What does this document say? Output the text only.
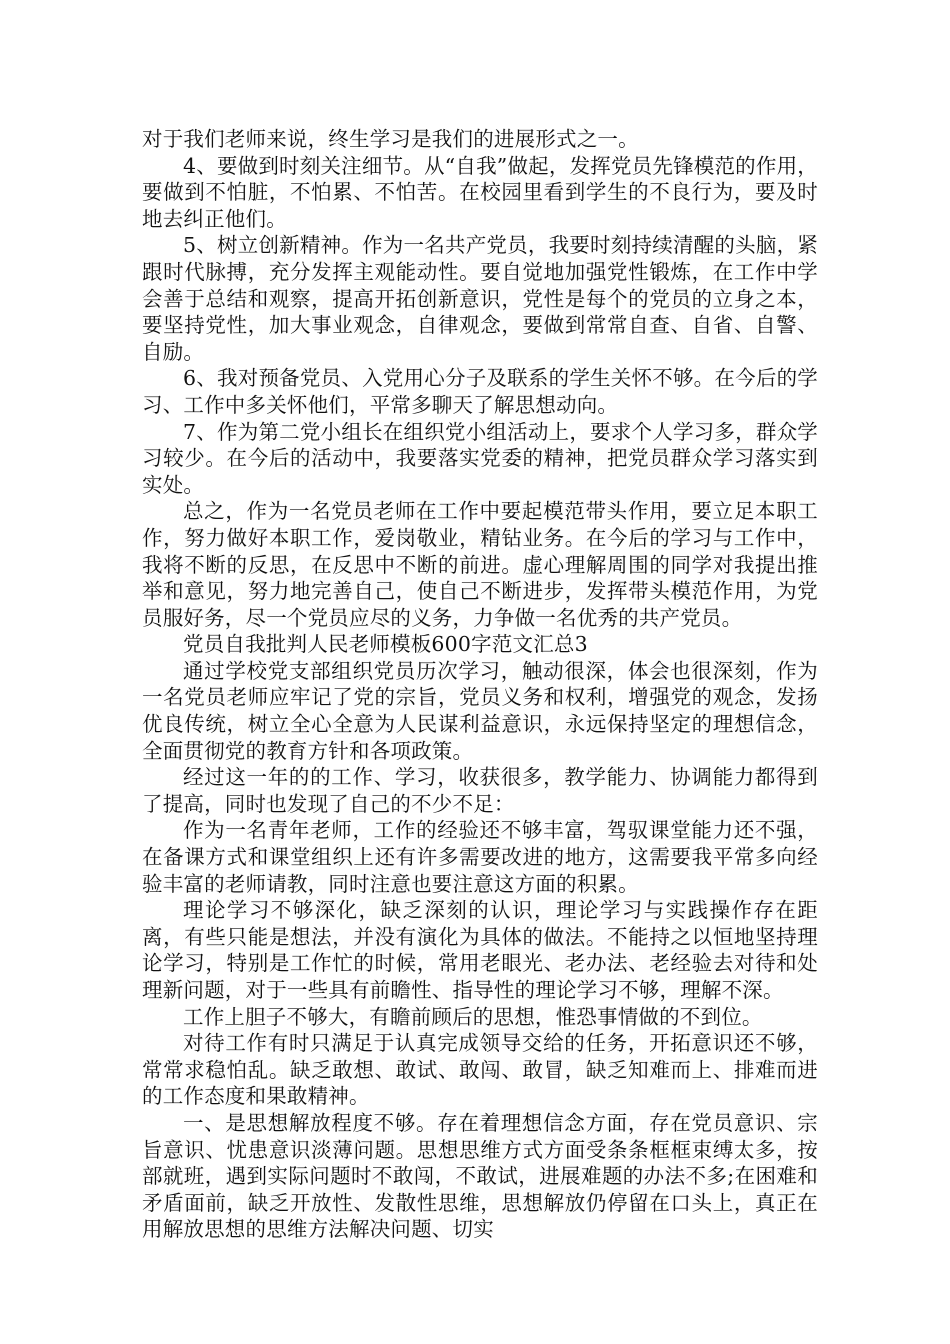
对于我们老师来说，终生学习是我们的进展形式之一。

4、要做到时刻关注细节。从“自我”做起，发挥党员先锋模范的作用，要做到不怕脏，不怕累、不怕苦。在校园里看到学生的不良行为，要及时地去纠正他们。

5、树立创新精神。作为一名共产党员，我要时刻持续清醒的头脑，紧跟时代脉搏，充分发挥主观能动性。要自觉地加强党性锻炼，在工作中学会善于总结和观察，提高开拓创新意识，党性是每个的党员的立身之本，要坚持党性，加大事业观念，自律观念，要做到常常自查、自省、自警、自励。

6、我对预备党员、入党用心分子及联系的学生关怀不够。在今后的学习、工作中多关怀他们，平常多聊天了解思想动向。

7、作为第二党小组长在组织党小组活动上，要求个人学习多，群众学习较少。在今后的活动中，我要落实党委的精神，把党员群众学习落实到实处。

总之，作为一名党员老师在工作中要起模范带头作用，要立足本职工作，努力做好本职工作，爱岗敬业，精钻业务。在今后的学习与工作中，我将不断的反思，在反思中不断的前进。虚心理解周围的同学对我提出推举和意见，努力地完善自己，使自己不断进步，发挥带头模范作用，为党员服好务，尽一个党员应尽的义务，力争做一名优秀的共产党员。

党员自我批判人民老师模板600字范文汇总3

通过学校党支部组织党员历次学习，触动很深，体会也很深刻，作为一名党员老师应牢记了党的宗旨，党员义务和权利，增强党的观念，发扬优良传统，树立全心全意为人民谋利益意识，永远保持坚定的理想信念，全面贯彻党的教育方针和各项政策。

经过这一年的的工作、学习，收获很多，教学能力、协调能力都得到了提高，同时也发现了自己的不少不足：

作为一名青年老师，工作的经验还不够丰富，驾驭课堂能力还不强，在备课方式和课堂组织上还有许多需要改进的地方，这需要我平常多向经验丰富的老师请教，同时注意也要注意这方面的积累。

理论学习不够深化，缺乏深刻的认识，理论学习与实践操作存在距离，有些只能是想法，并没有演化为具体的做法。不能持之以恒地坚持理论学习，特别是工作忙的时候，常用老眼光、老办法、老经验去对待和处理新问题，对于一些具有前瞻性、指导性的理论学习不够，理解不深。

工作上胆子不够大，有瞻前顾后的思想，惟恐事情做的不到位。

对待工作有时只满足于认真完成领导交给的任务，开拓意识还不够，常常求稳怕乱。缺乏敢想、敢试、敢闯、敢冒，缺乏知难而上、排难而进的工作态度和果敢精神。

一、是思想解放程度不够。存在着理想信念方面，存在党员意识、宗旨意识、忧患意识淡薄问题。思想思维方式方面受条条框框束缚太多，按部就班，遇到实际问题时不敢闯，不敢试，进展难题的办法不多;在困难和矛盾面前，缺乏开放性、发散性思维，思想解放仍停留在口头上，真正在用解放思想的思维方法解决问题、切实
